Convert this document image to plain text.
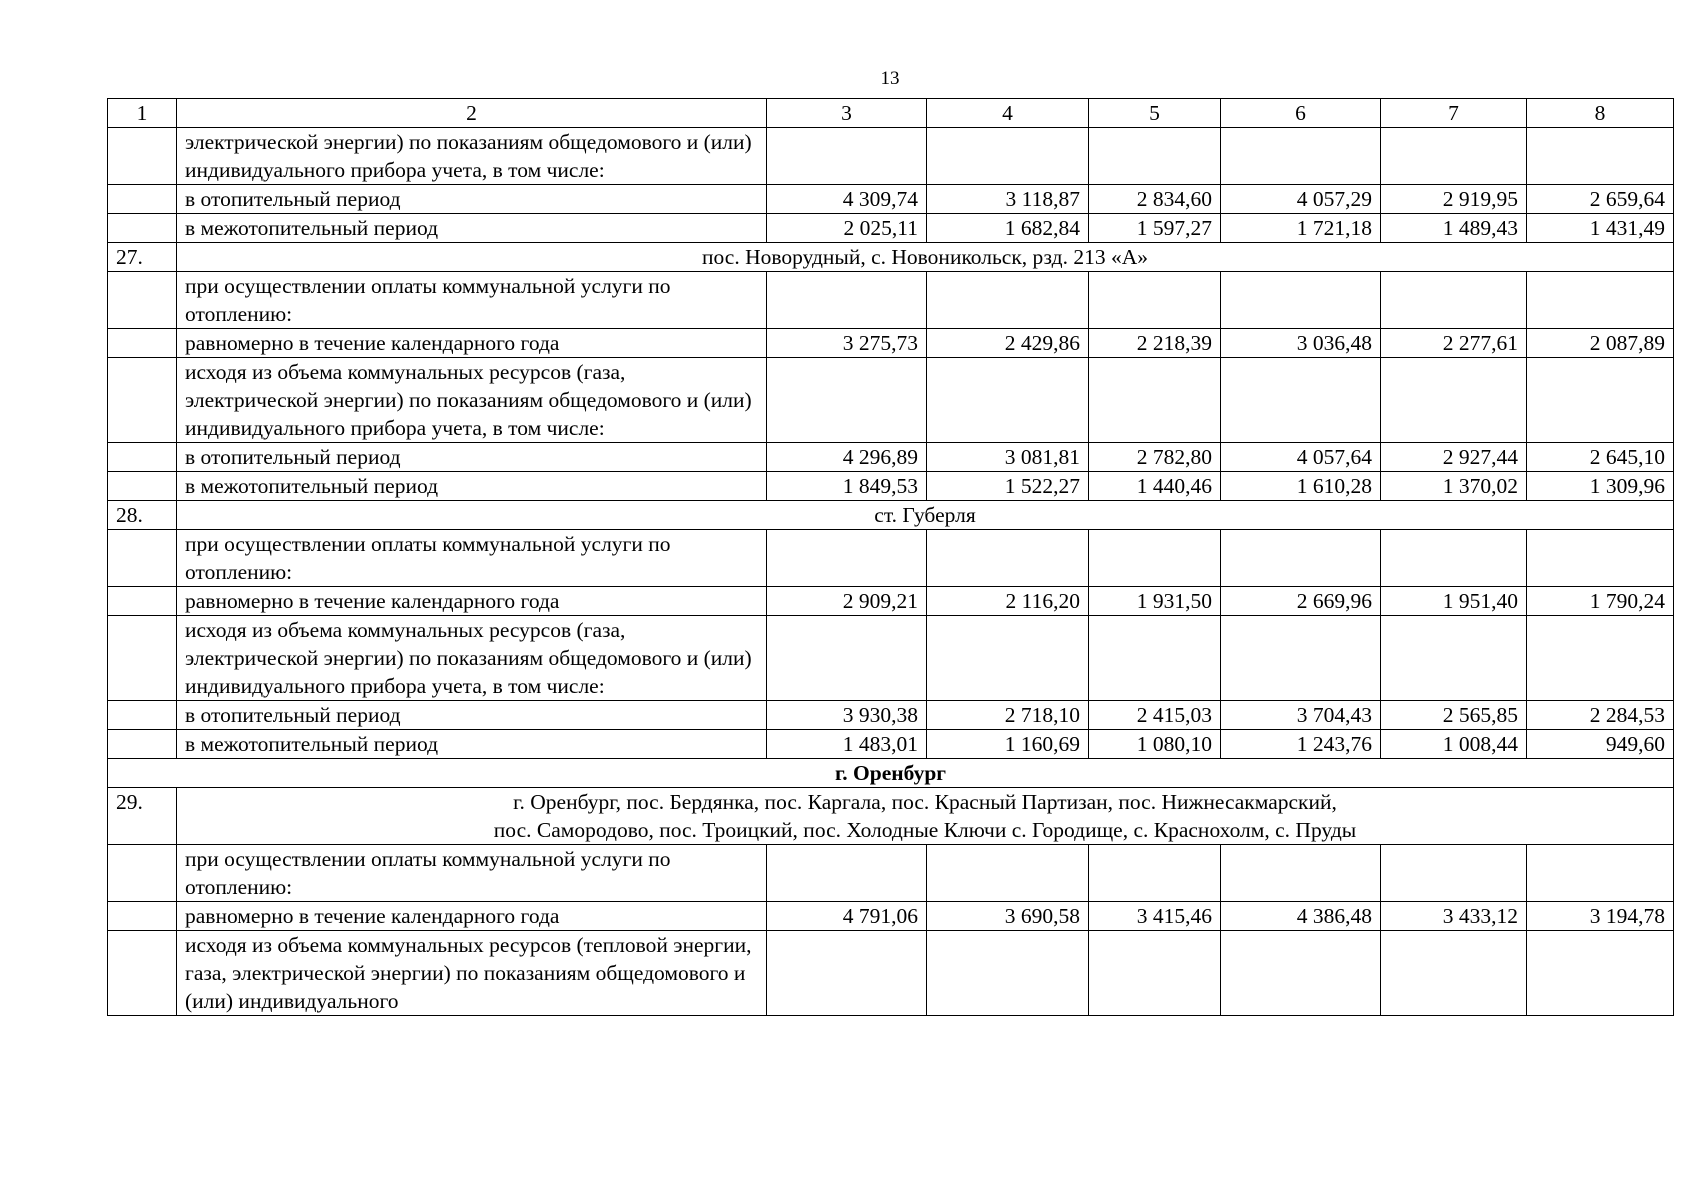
13
1	2	3	4	5	6	7	8
	электрической энергии) по показаниям общедомового и (или) индивидуального прибора учета, в том числе:						
	в отопительный период	4 309,74	3 118,87	2 834,60	4 057,29	2 919,95	2 659,64
	в межотопительный период	2 025,11	1 682,84	1 597,27	1 721,18	1 489,43	1 431,49
27.	пос. Новорудный, с. Новоникольск, рзд. 213 «А»						
	при осуществлении оплаты коммунальной услуги по отоплению:						
	равномерно в течение календарного года	3 275,73	2 429,86	2 218,39	3 036,48	2 277,61	2 087,89
	исходя из объема коммунальных ресурсов (газа, электрической энергии) по показаниям общедомового и (или) индивидуального прибора учета, в том числе:						
	в отопительный период	4 296,89	3 081,81	2 782,80	4 057,64	2 927,44	2 645,10
	в межотопительный период	1 849,53	1 522,27	1 440,46	1 610,28	1 370,02	1 309,96
28.	ст. Губерля						
	при осуществлении оплаты коммунальной услуги по отоплению:						
	равномерно в течение календарного года	2 909,21	2 116,20	1 931,50	2 669,96	1 951,40	1 790,24
	исходя из объема коммунальных ресурсов (газа, электрической энергии) по показаниям общедомового и (или) индивидуального прибора учета, в том числе:						
	в отопительный период	3 930,38	2 718,10	2 415,03	3 704,43	2 565,85	2 284,53
	в межотопительный период	1 483,01	1 160,69	1 080,10	1 243,76	1 008,44	949,60
г. Оренбург							
29.	г. Оренбург, пос. Бердянка, пос. Каргала, пос. Красный Партизан, пос. Нижнесакмарский,
пос. Самородово, пос. Троицкий, пос. Холодные Ключи с. Городище, с. Краснохолм, с. Пруды						

	при осуществлении оплаты коммунальной услуги по отоплению:						
	равномерно в течение календарного года	4 791,06	3 690,58	3 415,46	4 386,48	3 433,12	3 194,78
	исходя из объема коммунальных ресурсов (тепловой энергии, газа, электрической энергии) по показаниям общедомового и (или) индивидуального						
